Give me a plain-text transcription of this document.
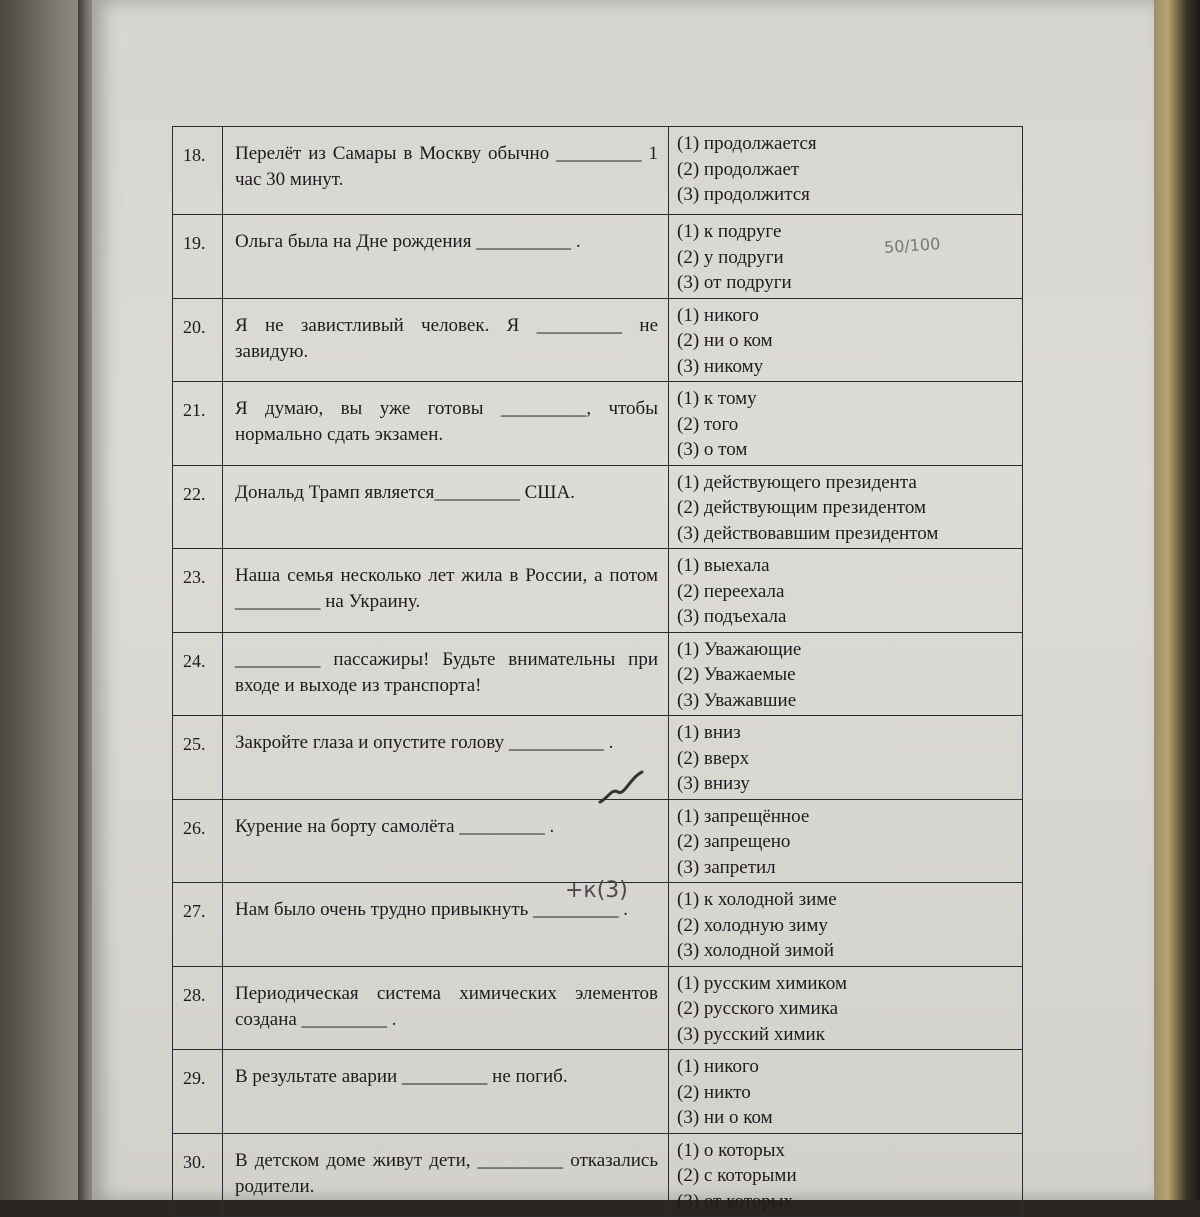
18.	Перелёт из Самары в Москву обычно _________ 1 час 30 минут.	(1) продолжается
(2) продолжает
(3) продолжится

19.	Ольга была на Дне рождения __________ .	(1) к подруге
(2) у подруги
(3) от подруги

20.	Я не завистливый человек. Я _________ не завидую.	(1) никого
(2) ни о ком
(3) никому

21.	Я думаю, вы уже готовы _________, чтобы нормально сдать экзамен.	(1) к тому
(2) того
(3) о том

22.	Дональд Трамп является_________ США.	(1) действующего президента
(2) действующим президентом
(3) действовавшим президентом

23.	Наша семья несколько лет жила в России, а потом _________ на Украину.	(1) выехала
(2) переехала
(3) подъехала

24.	_________ пассажиры! Будьте внимательны при входе и выходе из транспорта!	(1) Уважающие
(2) Уважаемые
(3) Уважавшие

25.	Закройте глаза и опустите голову __________ .	(1) вниз
(2) вверх
(3) внизу

26.	Курение на борту самолёта _________ .	(1) запрещённое
(2) запрещено
(3) запретил

27.	Нам было очень трудно привыкнуть _________ .	(1) к холодной зиме
(2) холодную зиму
(3) холодной зимой

28.	Периодическая система химических элементов создана _________ .	(1) русским химиком
(2) русского химика
(3) русский химик

29.	В результате аварии _________ не погиб.	(1) никого
(2) никто
(3) ни о ком

30.	В детском доме живут дети, _________ отказались родители.	(1) о которых
(2) с которыми
(3) от которых
50/100
+к(3)
